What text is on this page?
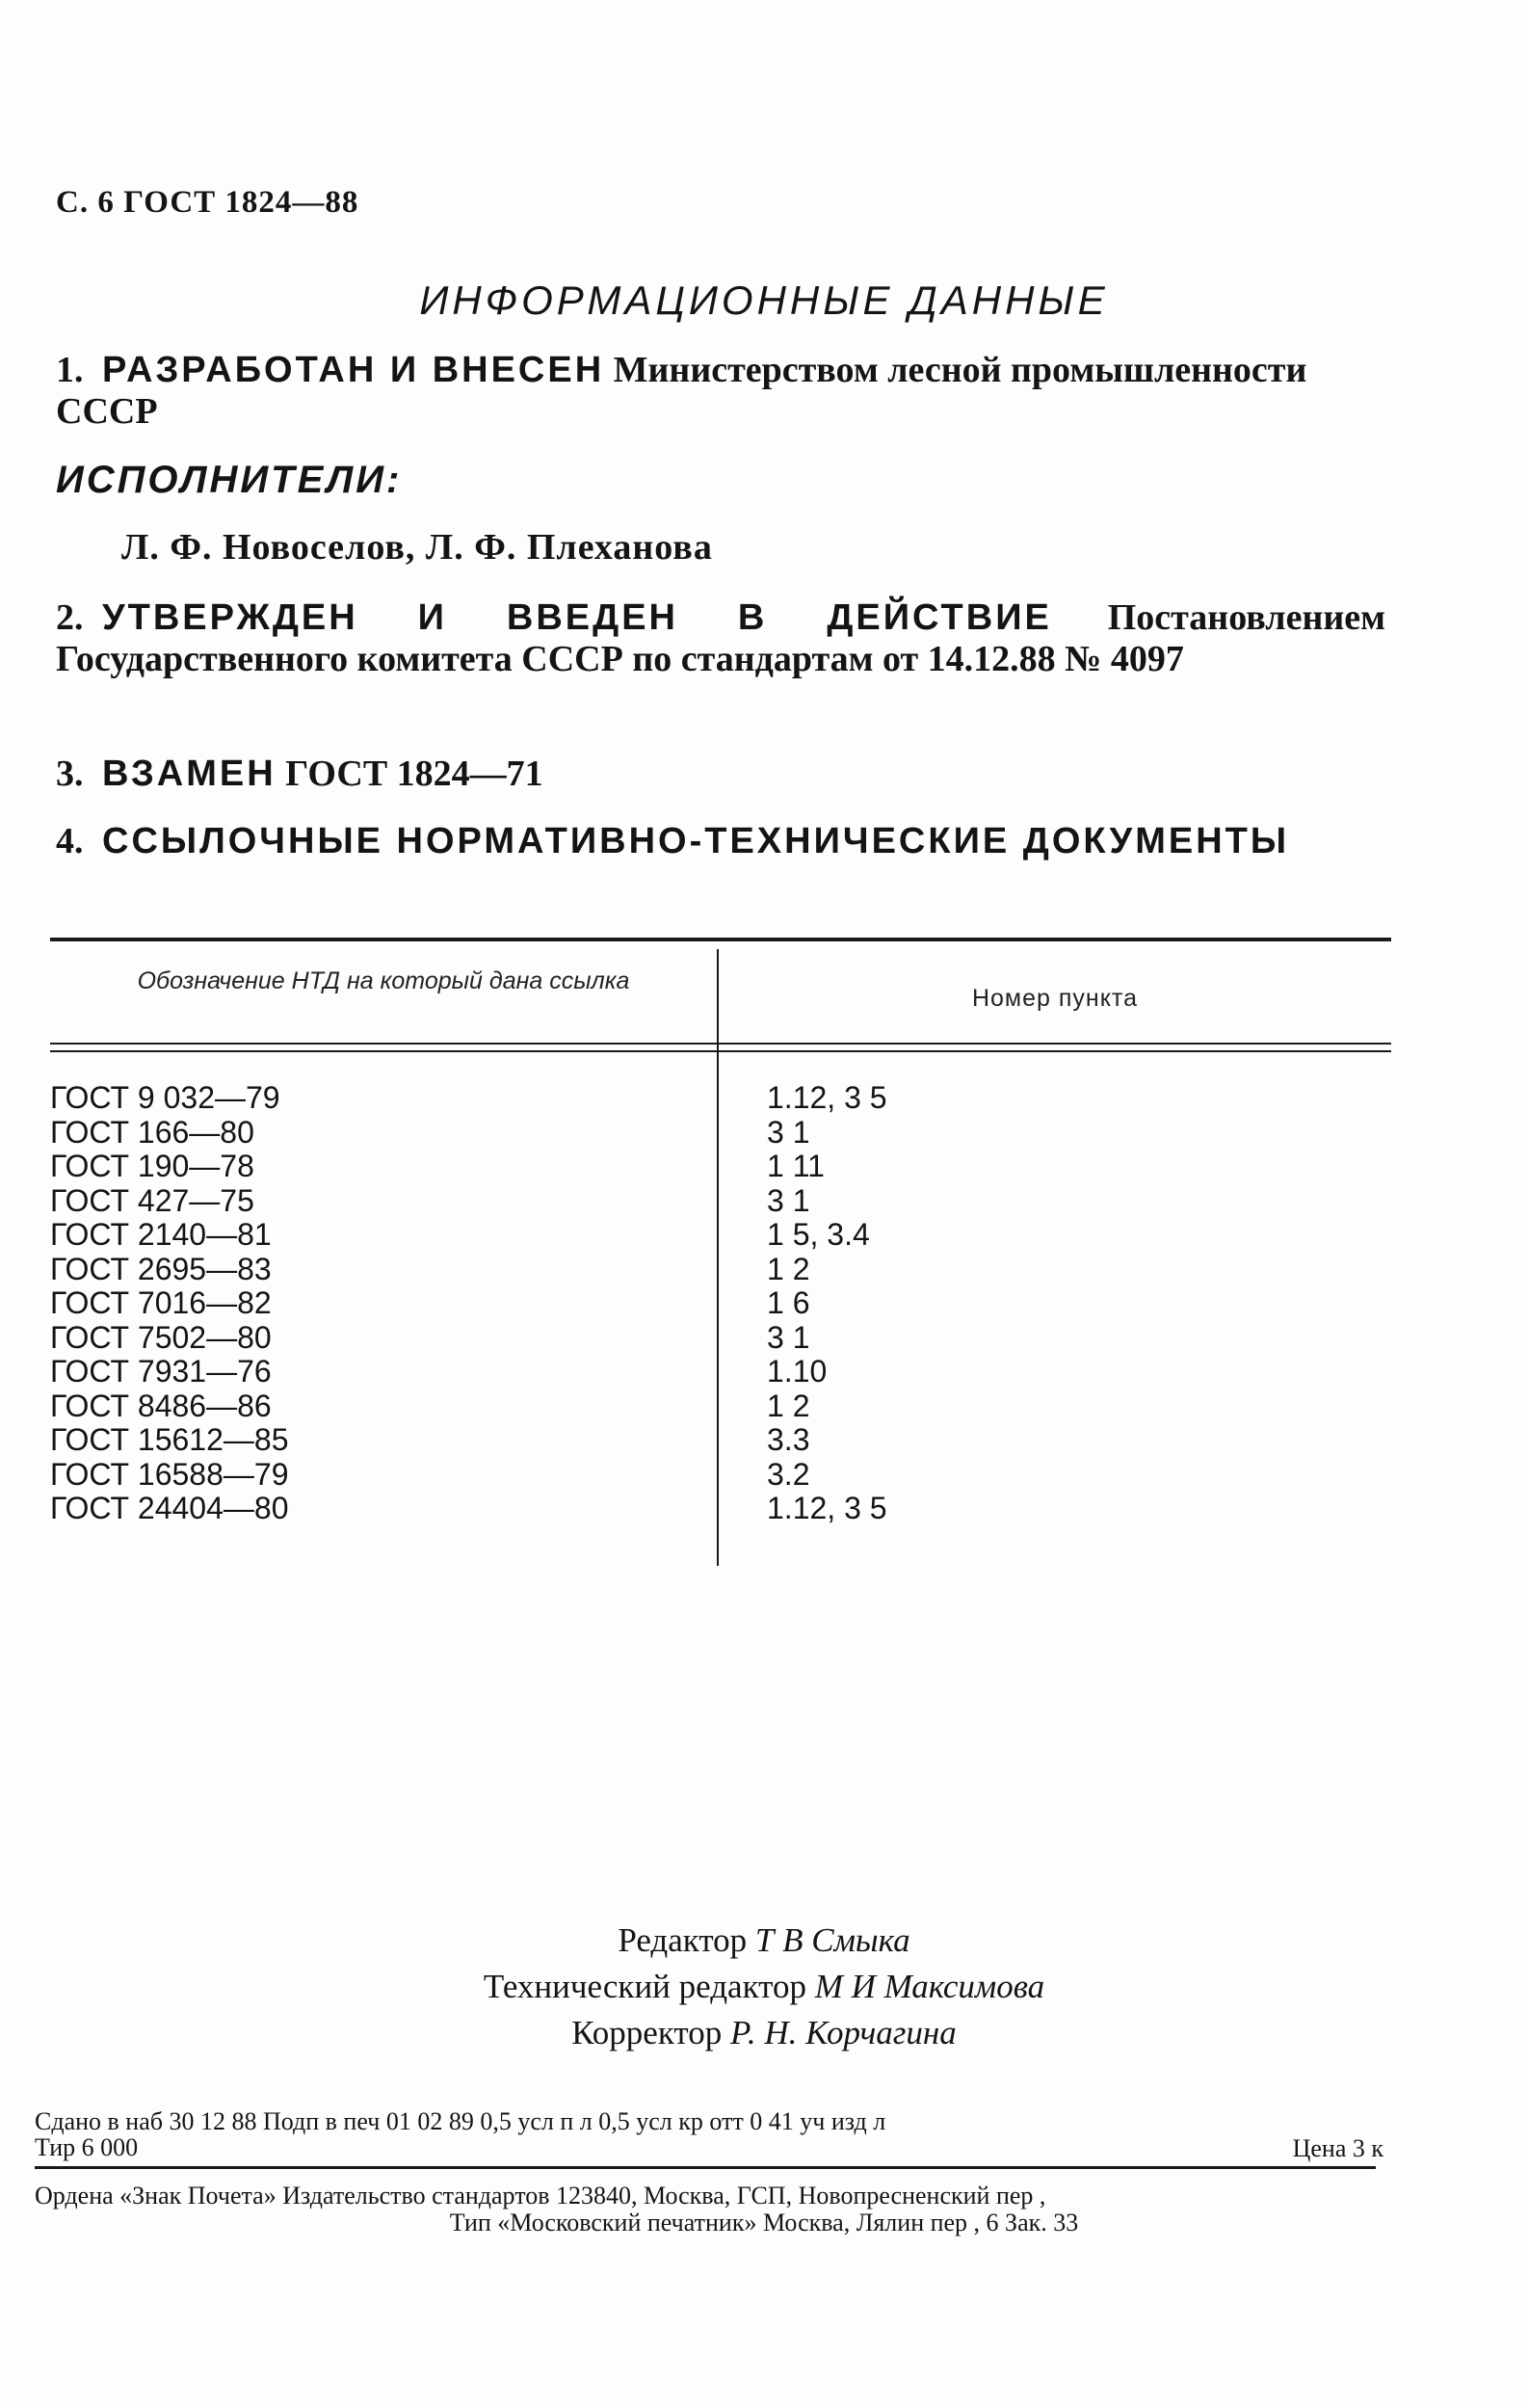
С. 6 ГОСТ 1824—88
ИНФОРМАЦИОННЫЕ ДАННЫЕ
1. РАЗРАБОТАН И ВНЕСЕН Министерством лесной промышленности СССР
ИСПОЛНИТЕЛИ:
Л. Ф. Новоселов, Л. Ф. Плеханова
2. УТВЕРЖДЕН И ВВЕДЕН В ДЕЙСТВИЕ Постановлением Государственного комитета СССР по стандартам от 14.12.88 № 4097
3. ВЗАМЕН ГОСТ 1824—71
4. ССЫЛОЧНЫЕ НОРМАТИВНО-ТЕХНИЧЕСКИЕ ДОКУМЕНТЫ
Обозначение НТД на который дана ссылка
Номер пункта
ГОСТ 9 032—79
ГОСТ 166—80
ГОСТ 190—78
ГОСТ 427—75
ГОСТ 2140—81
ГОСТ 2695—83
ГОСТ 7016—82
ГОСТ 7502—80
ГОСТ 7931—76
ГОСТ 8486—86
ГОСТ 15612—85
ГОСТ 16588—79
ГОСТ 24404—80
1.12, 3 5
3 1
1 11
3 1
1 5, 3.4
1 2
1 6
3 1
1.10
1 2
3.3
3.2
1.12, 3 5
Редактор Т В Смыка
Технический редактор М И Максимова
Корректор Р. Н. Корчагина
Сдано в наб 30 12 88 Подп в печ 01 02 89 0,5 усл п л 0,5 усл кр отт 0 41 уч изд л
Тир 6 000	Цена 3 к
Ордена «Знак Почета» Издательство стандартов 123840, Москва, ГСП, Новопресненский пер ,
Тип «Московский печатник» Москва, Лялин пер , 6 Зак. 33
